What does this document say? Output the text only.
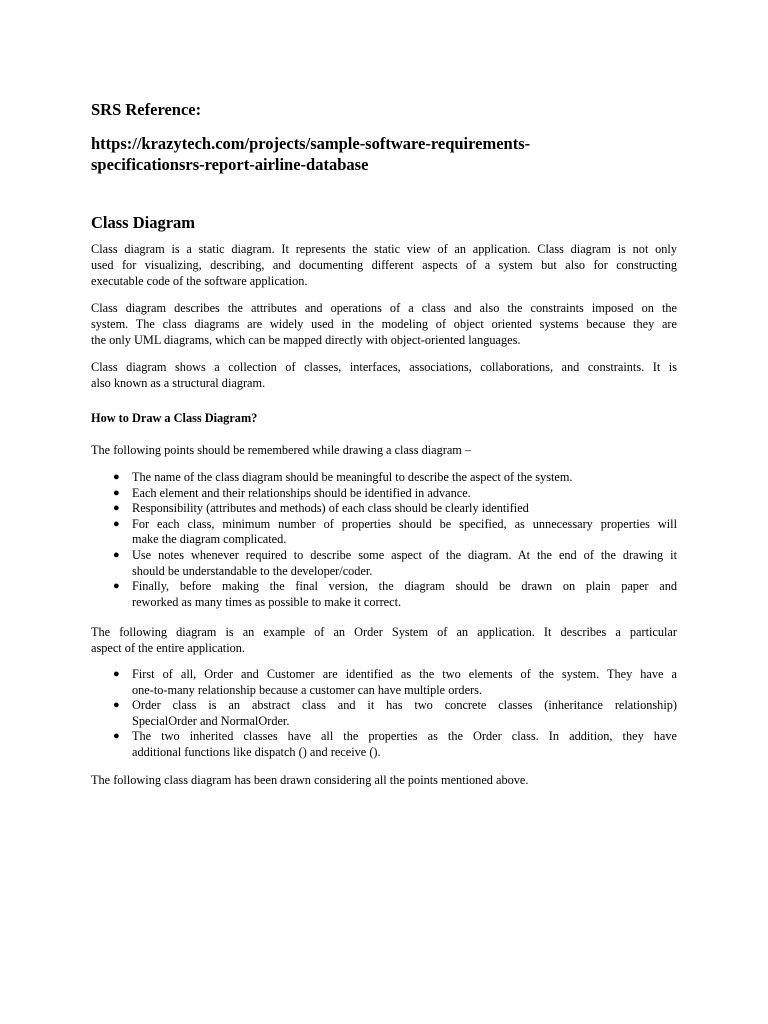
SRS Reference:
https://krazytech.com/projects/sample-software-requirements-
specificationsrs-report-airline-database
Class Diagram

Class diagram is a static diagram. It represents the static view of an application. Class diagram is not only
used for visualizing, describing, and documenting different aspects of a system but also for constructing
executable code of the software application.

Class diagram describes the attributes and operations of a class and also the constraints imposed on the
system. The class diagrams are widely used in the modeling of object oriented systems because they are
the only UML diagrams, which can be mapped directly with object-oriented languages.

Class diagram shows a collection of classes, interfaces, associations, collaborations, and constraints. It is
also known as a structural diagram.

How to Draw a Class Diagram?

The following points should be remembered while drawing a class diagram –

● The name of the class diagram should be meaningful to describe the aspect of the system.
● Each element and their relationships should be identified in advance.
● Responsibility (attributes and methods) of each class should be clearly identified
● For each class, minimum number of properties should be specified, as unnecessary properties will
make the diagram complicated.
● Use notes whenever required to describe some aspect of the diagram. At the end of the drawing it
should be understandable to the developer/coder.
● Finally, before making the final version, the diagram should be drawn on plain paper and
reworked as many times as possible to make it correct.

The following diagram is an example of an Order System of an application. It describes a particular
aspect of the entire application.

● First of all, Order and Customer are identified as the two elements of the system. They have a
one-to-many relationship because a customer can have multiple orders.
● Order class is an abstract class and it has two concrete classes (inheritance relationship)
SpecialOrder and NormalOrder.
● The two inherited classes have all the properties as the Order class. In addition, they have
additional functions like dispatch () and receive ().

The following class diagram has been drawn considering all the points mentioned above.
